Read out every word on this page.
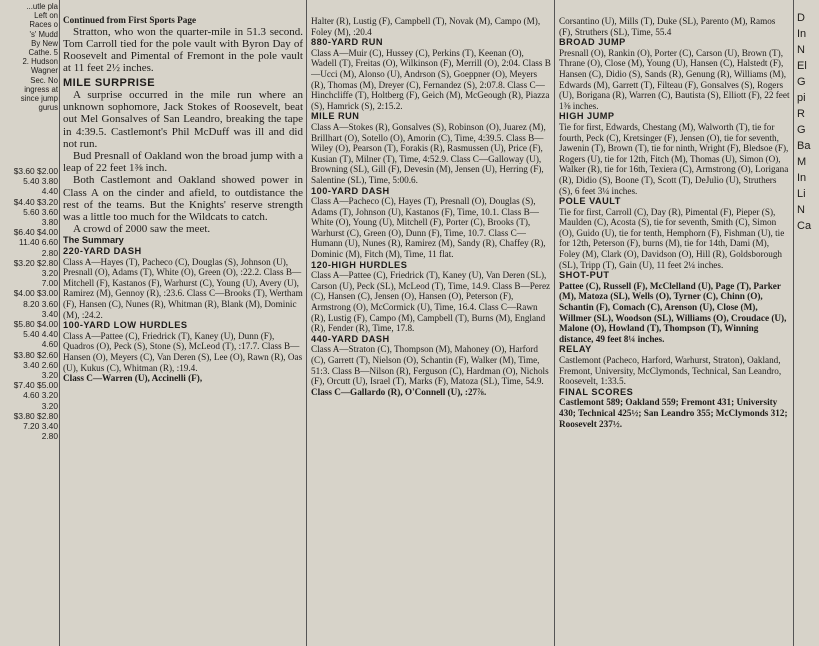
...utle pla

Left on

Races o

's' Mudd

By New

Cathe. 5

2. Hudson

Wagner

Sec. No

ingress at

since jump

gurus

$3.60 $2.00

5.40 3.80

4.40

$4.40 $3.20

5.60 3.60

3.80

$6.40 $4.00

11.40 6.60

2.80

$3.20 $2.80

3.20

7.00

$4.00 $3.00

8.20 3.60

3.40

$5.80 $4.00

5.40 4.40

4.60

$3.80 $2.60

3.40 2.60

3.20

$7.40 $5.00

4.60 3.20

3.20

$3.80 $2.80

7.20 3.40

2.80

Continued from First Sports Page

Stratton, who won the quarter-mile in 51.3 second. Tom Carroll tied for the pole vault with Byron Day of Roosevelt and Pimental of Fremont in the pole vault at 11 feet 2½ inches.

MILE SURPRISE

A surprise occurred in the mile run where an unknown sophomore, Jack Stokes of Roosevelt, beat out Mel Gonsalves of San Leandro, breaking the tape in 4:39.5. Castlemont's Phil McDuff was ill and did not run.

Bud Presnall of Oakland won the broad jump with a leap of 22 feet 1⅜ inch.

Both Castlemont and Oakland showed power in Class A on the cinder and afield, to outdistance the rest of the teams. But the Knights' reserve strength was a little too much for the Wildcats to catch.

A crowd of 2000 saw the meet.

The Summary

220-YARD DASH

Class A—Hayes (T), Pacheco (C), Douglas (S), Johnson (U), Presnall (O), Adams (T), White (O), Green (O), :22.2. Class B—Mitchell (F), Kastanos (F), Warhurst (C), Young (U), Avery (U), Ramirez (M), Gennoy (R), :23.6. Class C—Brooks (T), Wertham (F), Hansen (C), Nunes (R), Whitman (R), Blank (M), Dominic (M), :24.2.

100-YARD LOW HURDLES

Class A—Pattee (C), Friedrick (T), Kaney (U), Dunn (F), Quadros (O), Peck (S), Stone (S), McLeod (T), :17.7. Class B—Hansen (O), Meyers (C), Van Deren (S), Lee (O), Rawn (R), Oas (U), Kukus (C), Whitman (R), :19.4.

Class C—Warren (U), Accinelli (F),

Halter (R), Lustig (F), Campbell (T), Novak (M), Campo (M), Foley (M), :20.4

880-YARD RUN

Class A—Muir (C), Hussey (C), Perkins (T), Keenan (O), Wadell (T), Freitas (O), Wilkinson (F), Merrill (O), 2:04. Class B—Ucci (M), Alonso (U), Andrson (S), Goeppner (O), Meyers (R), Thomas (M), Dreyer (C), Fernandez (S), 2:07.8. Class C—Hinchcliffe (T), Holtberg (F), Geich (M), McGeough (R), Piazza (S), Hamrick (S), 2:15.2.

MILE RUN

Class A—Stokes (R), Gonsalves (S), Robinson (O), Juarez (M), Brillhart (O), Sotello (O), Amorin (C), Time, 4:39.5. Class B—Wiley (O), Pearson (T), Forakis (R), Rasmussen (U), Price (F), Kusian (T), Milner (T), Time, 4:52.9. Class C—Galloway (U), Browning (SL), Gill (F), Devesin (M), Jensen (U), Herring (F), Salentine (SL), Time, 5:00.6.

100-YARD DASH

Class A—Pacheco (C), Hayes (T), Presnall (O), Douglas (S), Adams (T), Johnson (U), Kastanos (F), Time, 10.1. Class B—White (O), Young (U), Mitchell (F), Porter (C), Brooks (T), Warhurst (C), Green (O), Dunn (F), Time, 10.7. Class C—Humann (U), Nunes (R), Ramirez (M), Sandy (R), Chaffey (R), Dominic (M), Fitch (M), Time, 11 flat.

120-HIGH HURDLES

Class A—Pattee (C), Friedrick (T), Kaney (U), Van Deren (SL), Carson (U), Peck (SL), McLeod (T), Time, 14.9. Class B—Perez (C), Hansen (C), Jensen (O), Hansen (O), Peterson (F), Armstrong (O), McCormick (U), Time, 16.4. Class C—Rawn (R), Lustig (F), Campo (M), Campbell (T), Burns (M), England (R), Fender (R), Time, 17.8.

440-YARD DASH

Class A—Straton (C), Thompson (M), Mahoney (O), Harford (C), Garrett (T), Nielson (O), Schantin (F), Walker (M), Time, 51:3. Class B—Nilson (R), Ferguson (C), Hardman (O), Nichols (F), Orcutt (U), Israel (T), Marks (F), Matoza (SL), Time, 54.9.

Class C—Gallardo (R), O'Connell (U), :27⅞.

Corsantino (U), Mills (T), Duke (SL), Parento (M), Ramos (F), Struthers (SL), Time, 55.4

BROAD JUMP

Presnall (O), Rankin (O), Porter (C), Carson (U), Brown (T), Thrane (O), Close (M), Young (U), Hansen (C), Halstedt (F), Hansen (C), Didio (S), Sands (R), Genung (R), Williams (M), Edwards (M), Garrett (T), Filteau (F), Gonsalves (S), Rogers (U), Borigana (R), Warren (C), Bautista (S), Elliott (F), 22 feet 1⅜ inches.

HIGH JUMP

Tie for first, Edwards, Chestang (M), Walworth (T), tie for fourth, Peck (C), Kretsinger (F), Jensen (O), tie for seventh, Jawenin (T), Brown (T), tie for ninth, Wright (F), Bledsoe (F), Rogers (U), tie for 12th, Fitch (M), Thomas (U), Simon (O), Walker (R), tie for 16th, Texiera (C), Armstrong (O), Lorigana (R), Didio (S), Boone (T), Scott (T), DeJulio (U), Struthers (S), 6 feet 3¼ inches.

POLE VAULT

Tie for first, Carroll (C), Day (R), Pimental (F), Pieper (S), Maulden (C), Acosta (S), tie for seventh, Smith (C), Simon (O), Guido (U), tie for tenth, Hemphorn (F), Fishman (U), tie for 12th, Peterson (F), burns (M), tie for 14th, Dami (M), Foley (M), Clark (O), Davidson (O), Hill (R), Goldsborough (SL), Tripp (T), Gain (U), 11 feet 2¼ inches.

SHOT-PUT

Pattee (C), Russell (F), McClelland (U), Page (T), Parker (M), Matoza (SL), Wells (O), Tyrner (C), Chinn (O), Schantin (F), Comach (C), Arenson (U), Close (M), Willmer (SL), Woodson (SL), Williams (O), Croudace (U), Malone (O), Howland (T), Thompson (T), Winning distance, 49 feet 8¼ inches.

RELAY

Castlemont (Pacheco, Harford, Warhurst, Straton), Oakland, Fremont, University, McClymonds, Technical, San Leandro, Roosevelt, 1:33.5.

FINAL SCORES

Castlemont 589; Oakland 559; Fremont 431; University 430; Technical 425½; San Leandro 355; McClymonds 312; Roosevelt 237½.

D

In

N

El

G

pi

R

G

Ba

M

In

Li

N

Ca
